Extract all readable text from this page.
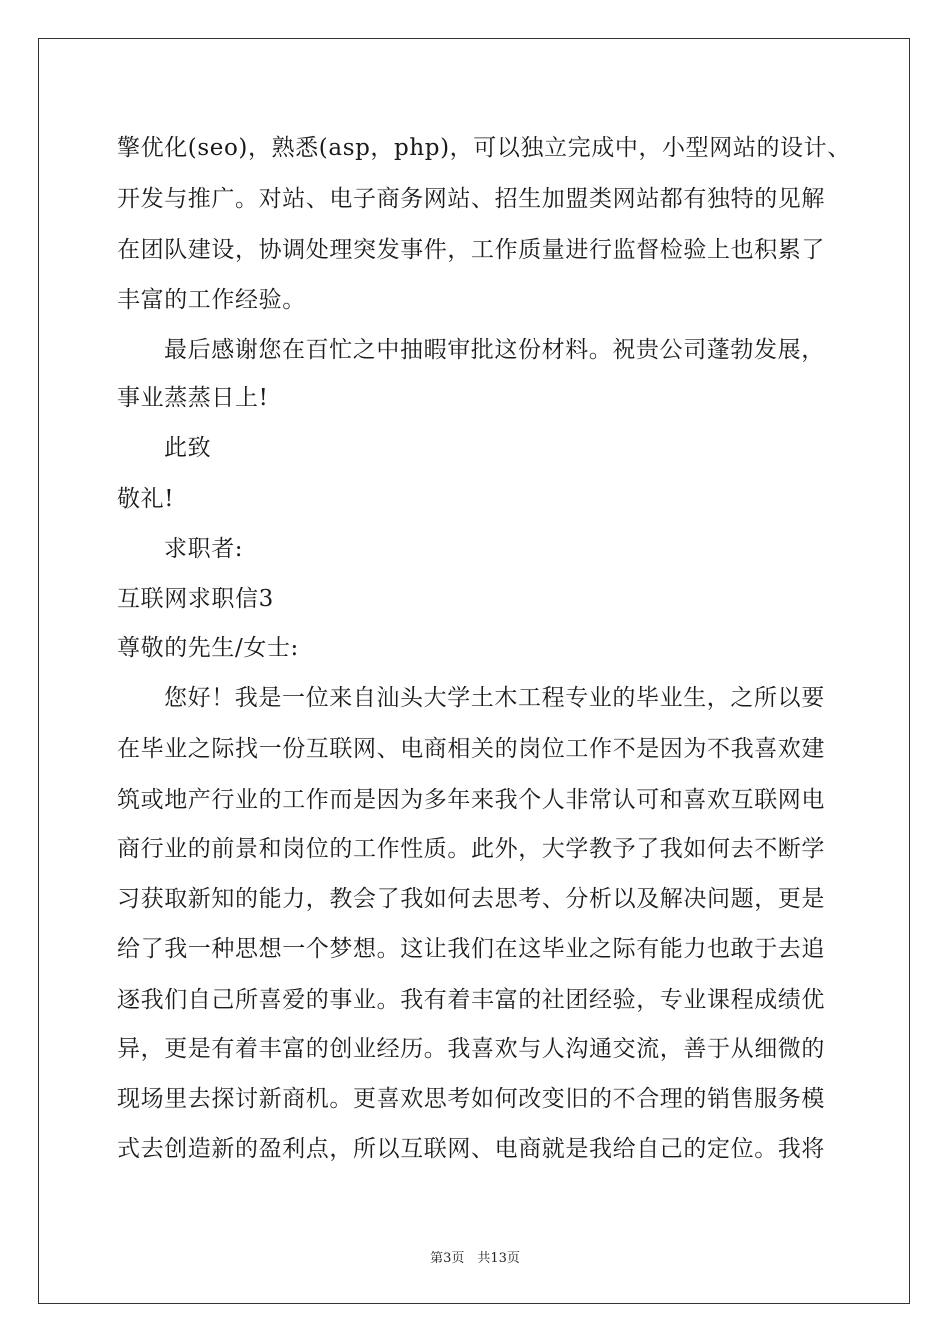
擎优化(seo)，熟悉(asp，php)，可以独立完成中，小型网站的设计、
开发与推广。对站、电子商务网站、招生加盟类网站都有独特的见解
在团队建设，协调处理突发事件，工作质量进行监督检验上也积累了
丰富的工作经验。
最后感谢您在百忙之中抽暇审批这份材料。祝贵公司蓬勃发展，
事业蒸蒸日上!
此致
敬礼!
求职者:
互联网求职信3
尊敬的先生/女士:
您好！我是一位来自汕头大学土木工程专业的毕业生，之所以要
在毕业之际找一份互联网、电商相关的岗位工作不是因为不我喜欢建
筑或地产行业的工作而是因为多年来我个人非常认可和喜欢互联网电
商行业的前景和岗位的工作性质。此外，大学教予了我如何去不断学
习获取新知的能力，教会了我如何去思考、分析以及解决问题，更是
给了我一种思想一个梦想。这让我们在这毕业之际有能力也敢于去追
逐我们自己所喜爱的事业。我有着丰富的社团经验，专业课程成绩优
异，更是有着丰富的创业经历。我喜欢与人沟通交流，善于从细微的
现场里去探讨新商机。更喜欢思考如何改变旧的不合理的销售服务模
式去创造新的盈利点，所以互联网、电商就是我给自己的定位。我将
第3页　共13页
